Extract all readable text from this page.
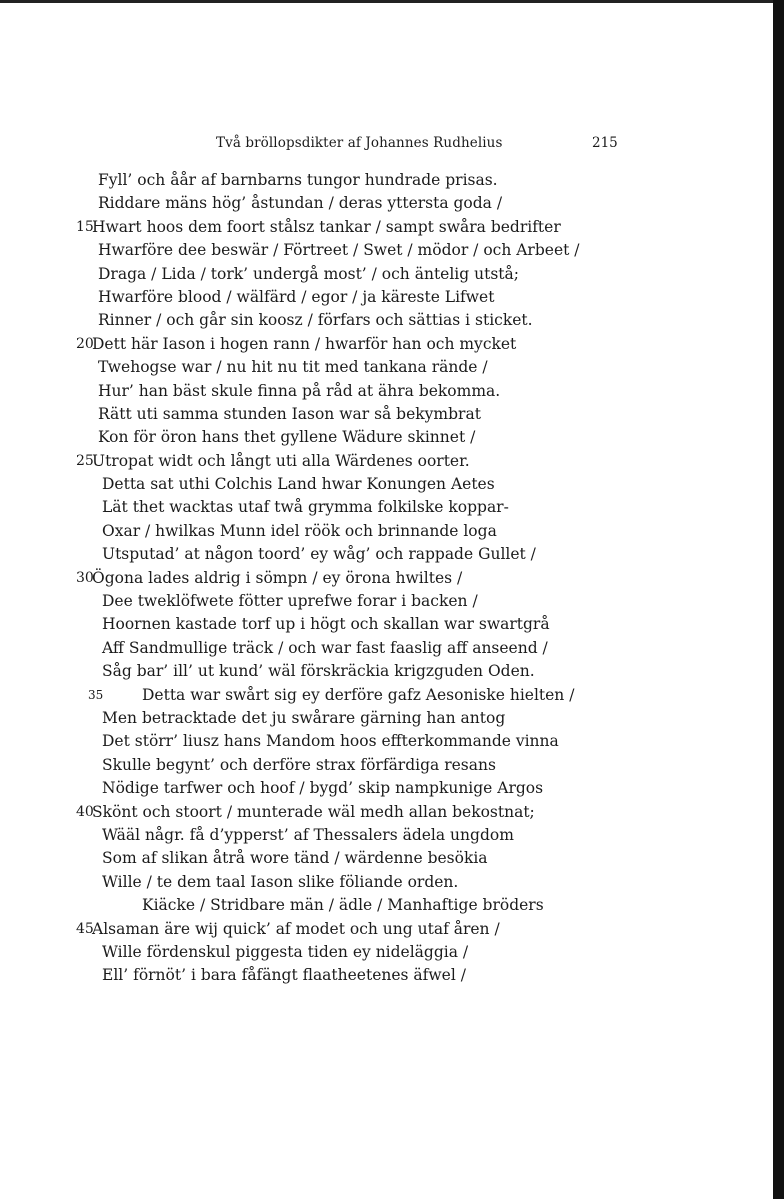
Två bröllopsdikter af Johannes Rudhelius	215
Fyll’ och åår af barnbarns tungor hundrade prisas.
Riddare mäns hög’ åstundan / deras yttersta goda /
15
Hwart hoos dem foort stålsz tankar / sampt swåra bedrifter
Hwarföre dee beswär / Förtreet / Swet / mödor / och Arbeet /
Draga / Lida / tork’ undergå most’ / och äntelig utstå;
Hwarföre blood / wälfärd / egor / ja käreste Lifwet
Rinner / och går sin koosz / förfars och sättias i sticket.
20
Dett här Iason i hogen rann / hwarför han och mycket
Twehogse war / nu hit nu tit med tankana rände /
Hur’ han bäst skule finna på råd at ähra bekomma.
Rätt uti samma stunden Iason war så bekymbrat
Kon för öron hans thet gyllene Wädure skinnet /
25
Utropat widt och långt uti alla Wärdenes oorter.
Detta sat uthi Colchis Land hwar Konungen Aetes
Lät thet wacktas utaf twå grymma folkilske koppar-
Oxar / hwilkas Munn idel röök och brinnande loga
Utsputad’ at någon toord’ ey wåg’ och rappade Gullet /
30
Ögona lades aldrig i sömpn / ey örona hwiltes /
Dee tweklöfwete fötter uprefwe forar i backen /
Hoornen kastade torf up i högt och skallan war swartgrå
Aff Sandmullige träck / och war fast faaslig aff anseend /
Såg bar’ ill’ ut kund’ wäl förskräckia krigzguden Oden.
35 Detta war swårt sig ey derföre gafz Aesoniske hielten /
Men betracktade det ju swårare gärning han antog
Det störr’ liusz hans Mandom hoos effterkommande vinna
Skulle begynt’ och derföre strax förfärdiga resans
Nödige tarfwer och hoof / bygd’ skip nampkunige Argos
40
Skönt och stoort / munterade wäl medh allan bekostnat;
Wääl någr. få d’ypperst’ af Thessalers ädela ungdom
Som af slikan åtrå wore tänd / wärdenne besökia
Wille / te dem taal Iason slike föliande orden.
Kiäcke / Stridbare män / ädle / Manhaftige bröders
45
Alsaman äre wij quick’ af modet och ung utaf åren /
Wille fördenskul piggesta tiden ey nideläggia /
Ell’ förnöt’ i bara fåfängt flaatheetenes äfwel /
